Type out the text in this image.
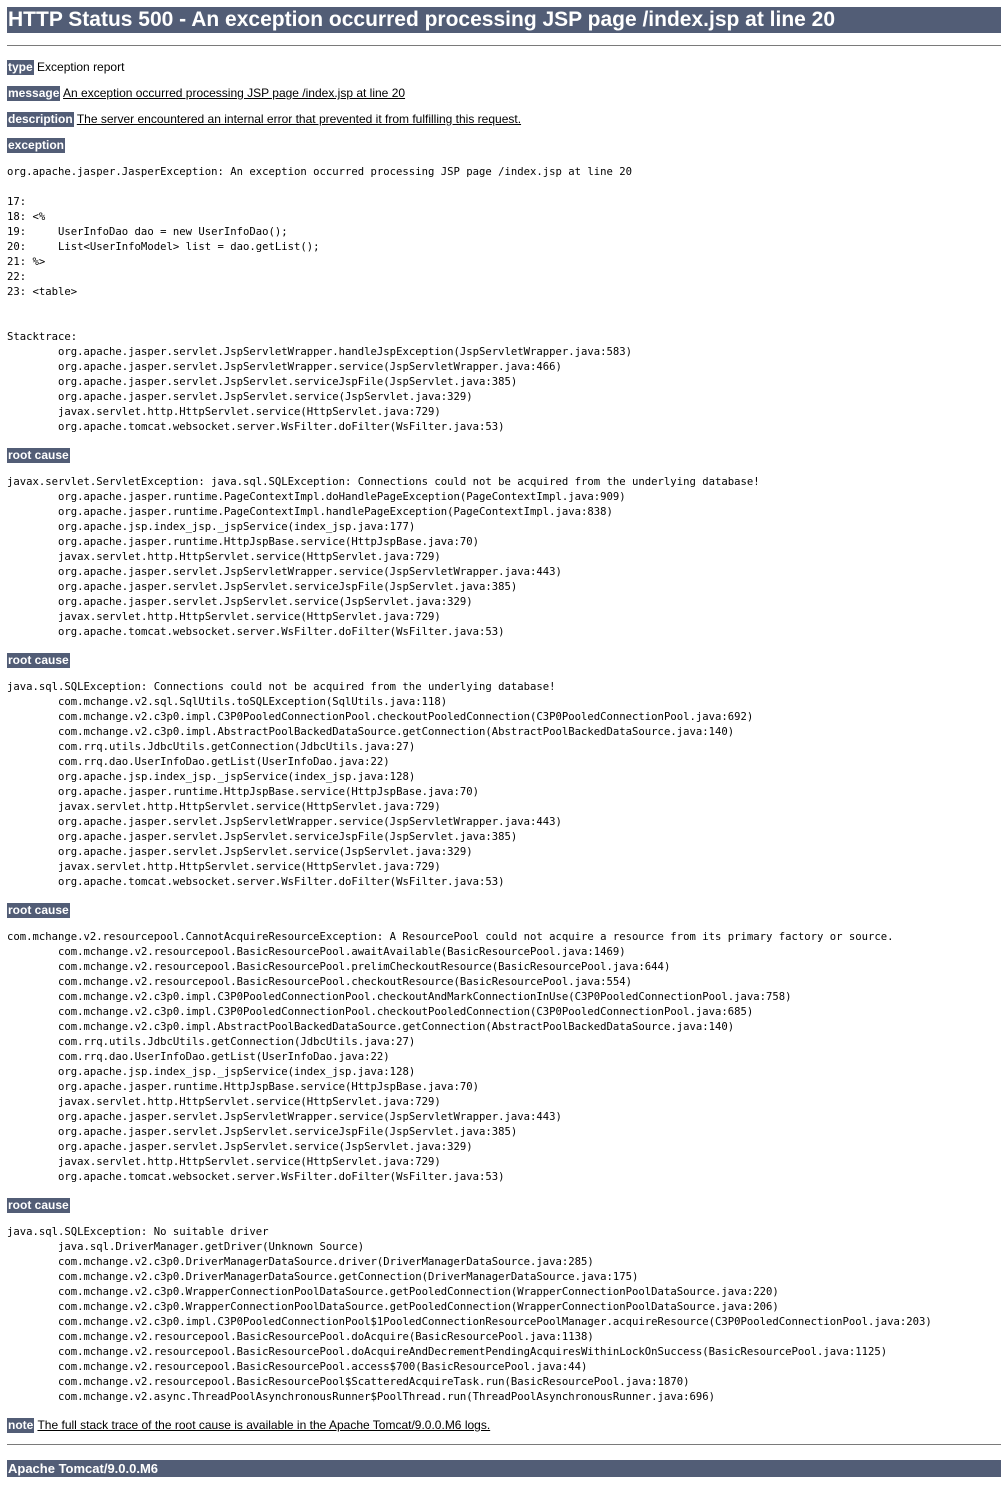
HTTP Status 500 - An exception occurred processing JSP page /index.jsp at line 20
type Exception report
message An exception occurred processing JSP page /index.jsp at line 20
description The server encountered an internal error that prevented it from fulfilling this request.
exception
org.apache.jasper.JasperException: An exception occurred processing JSP page /index.jsp at line 20

17:
18: <%
19:     UserInfoDao dao = new UserInfoDao();
20:     List<UserInfoModel> list = dao.getList();
21: %>
22:
23: <table>

Stacktrace:
	org.apache.jasper.servlet.JspServletWrapper.handleJspException(JspServletWrapper.java:583)
	org.apache.jasper.servlet.JspServletWrapper.service(JspServletWrapper.java:466)
	org.apache.jasper.servlet.JspServlet.serviceJspFile(JspServlet.java:385)
	org.apache.jasper.servlet.JspServlet.service(JspServlet.java:329)
	javax.servlet.http.HttpServlet.service(HttpServlet.java:729)
	org.apache.tomcat.websocket.server.WsFilter.doFilter(WsFilter.java:53)
root cause
javax.servlet.ServletException: java.sql.SQLException: Connections could not be acquired from the underlying database!
	org.apache.jasper.runtime.PageContextImpl.doHandlePageException(PageContextImpl.java:909)
	org.apache.jasper.runtime.PageContextImpl.handlePageException(PageContextImpl.java:838)
	org.apache.jsp.index_jsp._jspService(index_jsp.java:177)
	org.apache.jasper.runtime.HttpJspBase.service(HttpJspBase.java:70)
	javax.servlet.http.HttpServlet.service(HttpServlet.java:729)
	org.apache.jasper.servlet.JspServletWrapper.service(JspServletWrapper.java:443)
	org.apache.jasper.servlet.JspServlet.serviceJspFile(JspServlet.java:385)
	org.apache.jasper.servlet.JspServlet.service(JspServlet.java:329)
	javax.servlet.http.HttpServlet.service(HttpServlet.java:729)
	org.apache.tomcat.websocket.server.WsFilter.doFilter(WsFilter.java:53)
root cause
java.sql.SQLException: Connections could not be acquired from the underlying database!
	com.mchange.v2.sql.SqlUtils.toSQLException(SqlUtils.java:118)
	com.mchange.v2.c3p0.impl.C3P0PooledConnectionPool.checkoutPooledConnection(C3P0PooledConnectionPool.java:692)
	com.mchange.v2.c3p0.impl.AbstractPoolBackedDataSource.getConnection(AbstractPoolBackedDataSource.java:140)
	com.rrq.utils.JdbcUtils.getConnection(JdbcUtils.java:27)
	com.rrq.dao.UserInfoDao.getList(UserInfoDao.java:22)
	org.apache.jsp.index_jsp._jspService(index_jsp.java:128)
	org.apache.jasper.runtime.HttpJspBase.service(HttpJspBase.java:70)
	javax.servlet.http.HttpServlet.service(HttpServlet.java:729)
	org.apache.jasper.servlet.JspServletWrapper.service(JspServletWrapper.java:443)
	org.apache.jasper.servlet.JspServlet.serviceJspFile(JspServlet.java:385)
	org.apache.jasper.servlet.JspServlet.service(JspServlet.java:329)
	javax.servlet.http.HttpServlet.service(HttpServlet.java:729)
	org.apache.tomcat.websocket.server.WsFilter.doFilter(WsFilter.java:53)
root cause
com.mchange.v2.resourcepool.CannotAcquireResourceException: A ResourcePool could not acquire a resource from its primary factory or source.
	com.mchange.v2.resourcepool.BasicResourcePool.awaitAvailable(BasicResourcePool.java:1469)
	com.mchange.v2.resourcepool.BasicResourcePool.prelimCheckoutResource(BasicResourcePool.java:644)
	com.mchange.v2.resourcepool.BasicResourcePool.checkoutResource(BasicResourcePool.java:554)
	com.mchange.v2.c3p0.impl.C3P0PooledConnectionPool.checkoutAndMarkConnectionInUse(C3P0PooledConnectionPool.java:758)
	com.mchange.v2.c3p0.impl.C3P0PooledConnectionPool.checkoutPooledConnection(C3P0PooledConnectionPool.java:685)
	com.mchange.v2.c3p0.impl.AbstractPoolBackedDataSource.getConnection(AbstractPoolBackedDataSource.java:140)
	com.rrq.utils.JdbcUtils.getConnection(JdbcUtils.java:27)
	com.rrq.dao.UserInfoDao.getList(UserInfoDao.java:22)
	org.apache.jsp.index_jsp._jspService(index_jsp.java:128)
	org.apache.jasper.runtime.HttpJspBase.service(HttpJspBase.java:70)
	javax.servlet.http.HttpServlet.service(HttpServlet.java:729)
	org.apache.jasper.servlet.JspServletWrapper.service(JspServletWrapper.java:443)
	org.apache.jasper.servlet.JspServlet.serviceJspFile(JspServlet.java:385)
	org.apache.jasper.servlet.JspServlet.service(JspServlet.java:329)
	javax.servlet.http.HttpServlet.service(HttpServlet.java:729)
	org.apache.tomcat.websocket.server.WsFilter.doFilter(WsFilter.java:53)
root cause
java.sql.SQLException: No suitable driver
	java.sql.DriverManager.getDriver(Unknown Source)
	com.mchange.v2.c3p0.DriverManagerDataSource.driver(DriverManagerDataSource.java:285)
	com.mchange.v2.c3p0.DriverManagerDataSource.getConnection(DriverManagerDataSource.java:175)
	com.mchange.v2.c3p0.WrapperConnectionPoolDataSource.getPooledConnection(WrapperConnectionPoolDataSource.java:220)
	com.mchange.v2.c3p0.WrapperConnectionPoolDataSource.getPooledConnection(WrapperConnectionPoolDataSource.java:206)
	com.mchange.v2.c3p0.impl.C3P0PooledConnectionPool$1PooledConnectionResourcePoolManager.acquireResource(C3P0PooledConnectionPool.java:203)
	com.mchange.v2.resourcepool.BasicResourcePool.doAcquire(BasicResourcePool.java:1138)
	com.mchange.v2.resourcepool.BasicResourcePool.doAcquireAndDecrementPendingAcquiresWithinLockOnSuccess(BasicResourcePool.java:1125)
	com.mchange.v2.resourcepool.BasicResourcePool.access$700(BasicResourcePool.java:44)
	com.mchange.v2.resourcepool.BasicResourcePool$ScatteredAcquireTask.run(BasicResourcePool.java:1870)
	com.mchange.v2.async.ThreadPoolAsynchronousRunner$PoolThread.run(ThreadPoolAsynchronousRunner.java:696)
note The full stack trace of the root cause is available in the Apache Tomcat/9.0.0.M6 logs.
Apache Tomcat/9.0.0.M6
